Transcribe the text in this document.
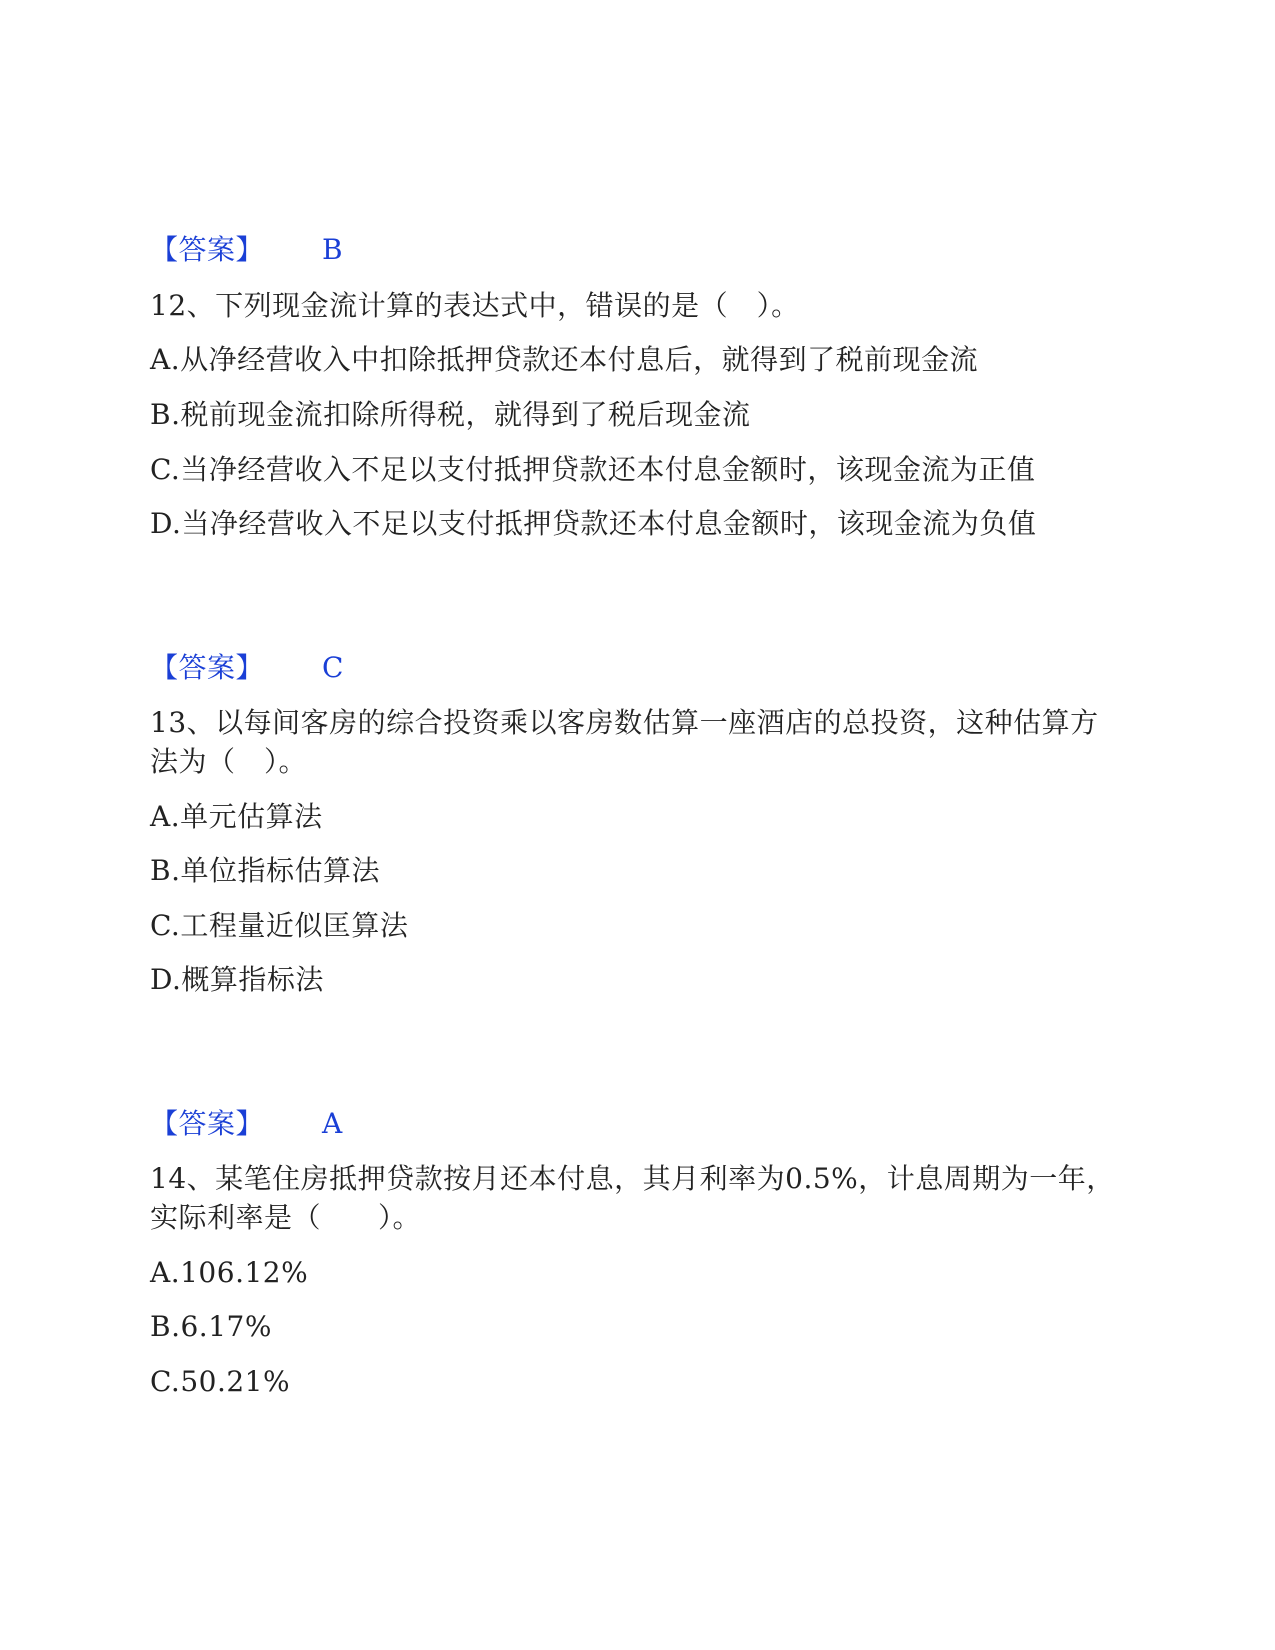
【答案】 B
12、下列现金流计算的表达式中，错误的是（　）。
A.从净经营收入中扣除抵押贷款还本付息后，就得到了税前现金流
B.税前现金流扣除所得税，就得到了税后现金流
C.当净经营收入不足以支付抵押贷款还本付息金额时，该现金流为正值
D.当净经营收入不足以支付抵押贷款还本付息金额时，该现金流为负值
【答案】 C
13、以每间客房的综合投资乘以客房数估算一座酒店的总投资，这种估算方
法为（　）。
A.单元估算法
B.单位指标估算法
C.工程量近似匡算法
D.概算指标法
【答案】 A
14、某笔住房抵押贷款按月还本付息，其月利率为0.5%，计息周期为一年，
实际利率是（　　）。
A.106.12%
B.6.17%
C.50.21%
